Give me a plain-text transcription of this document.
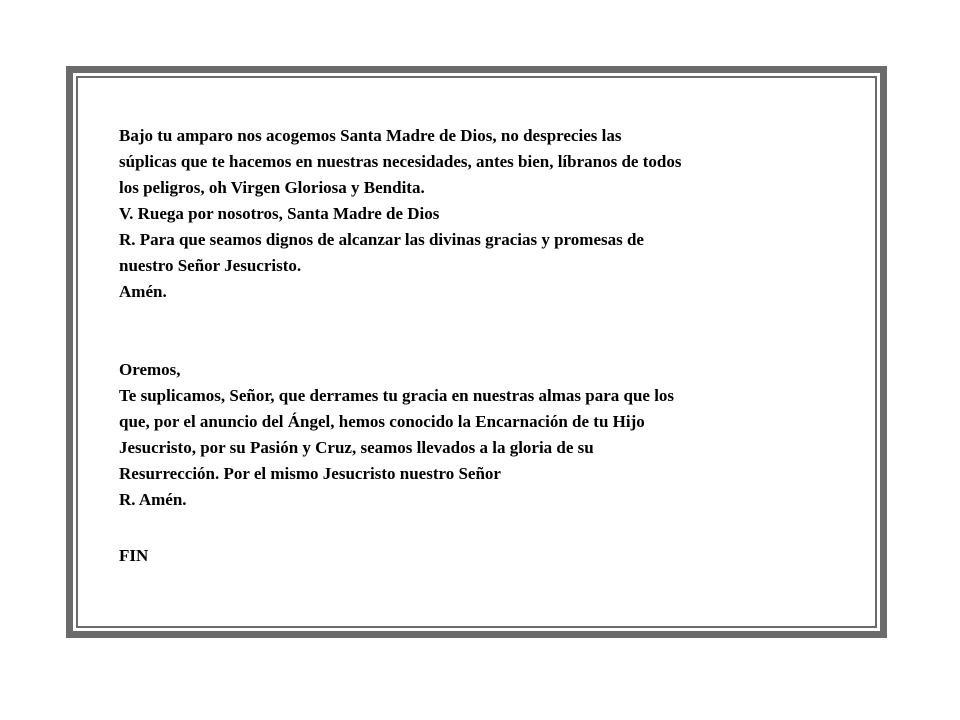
Bajo tu amparo nos acogemos Santa Madre de Dios, no desprecies las

súplicas que te hacemos en nuestras necesidades, antes bien, líbranos de todos

los peligros, oh Virgen Gloriosa y Bendita.

V. Ruega por nosotros, Santa Madre de Dios

R. Para que seamos dignos de alcanzar las divinas gracias y promesas de

nuestro Señor Jesucristo.

Amén.

Oremos,

Te suplicamos, Señor, que derrames tu gracia en nuestras almas para que los

que, por el anuncio del Ángel, hemos conocido la Encarnación de tu Hijo

Jesucristo, por su Pasión y Cruz, seamos llevados a la gloria de su

Resurrección. Por el mismo Jesucristo nuestro Señor

R. Amén.

FIN
